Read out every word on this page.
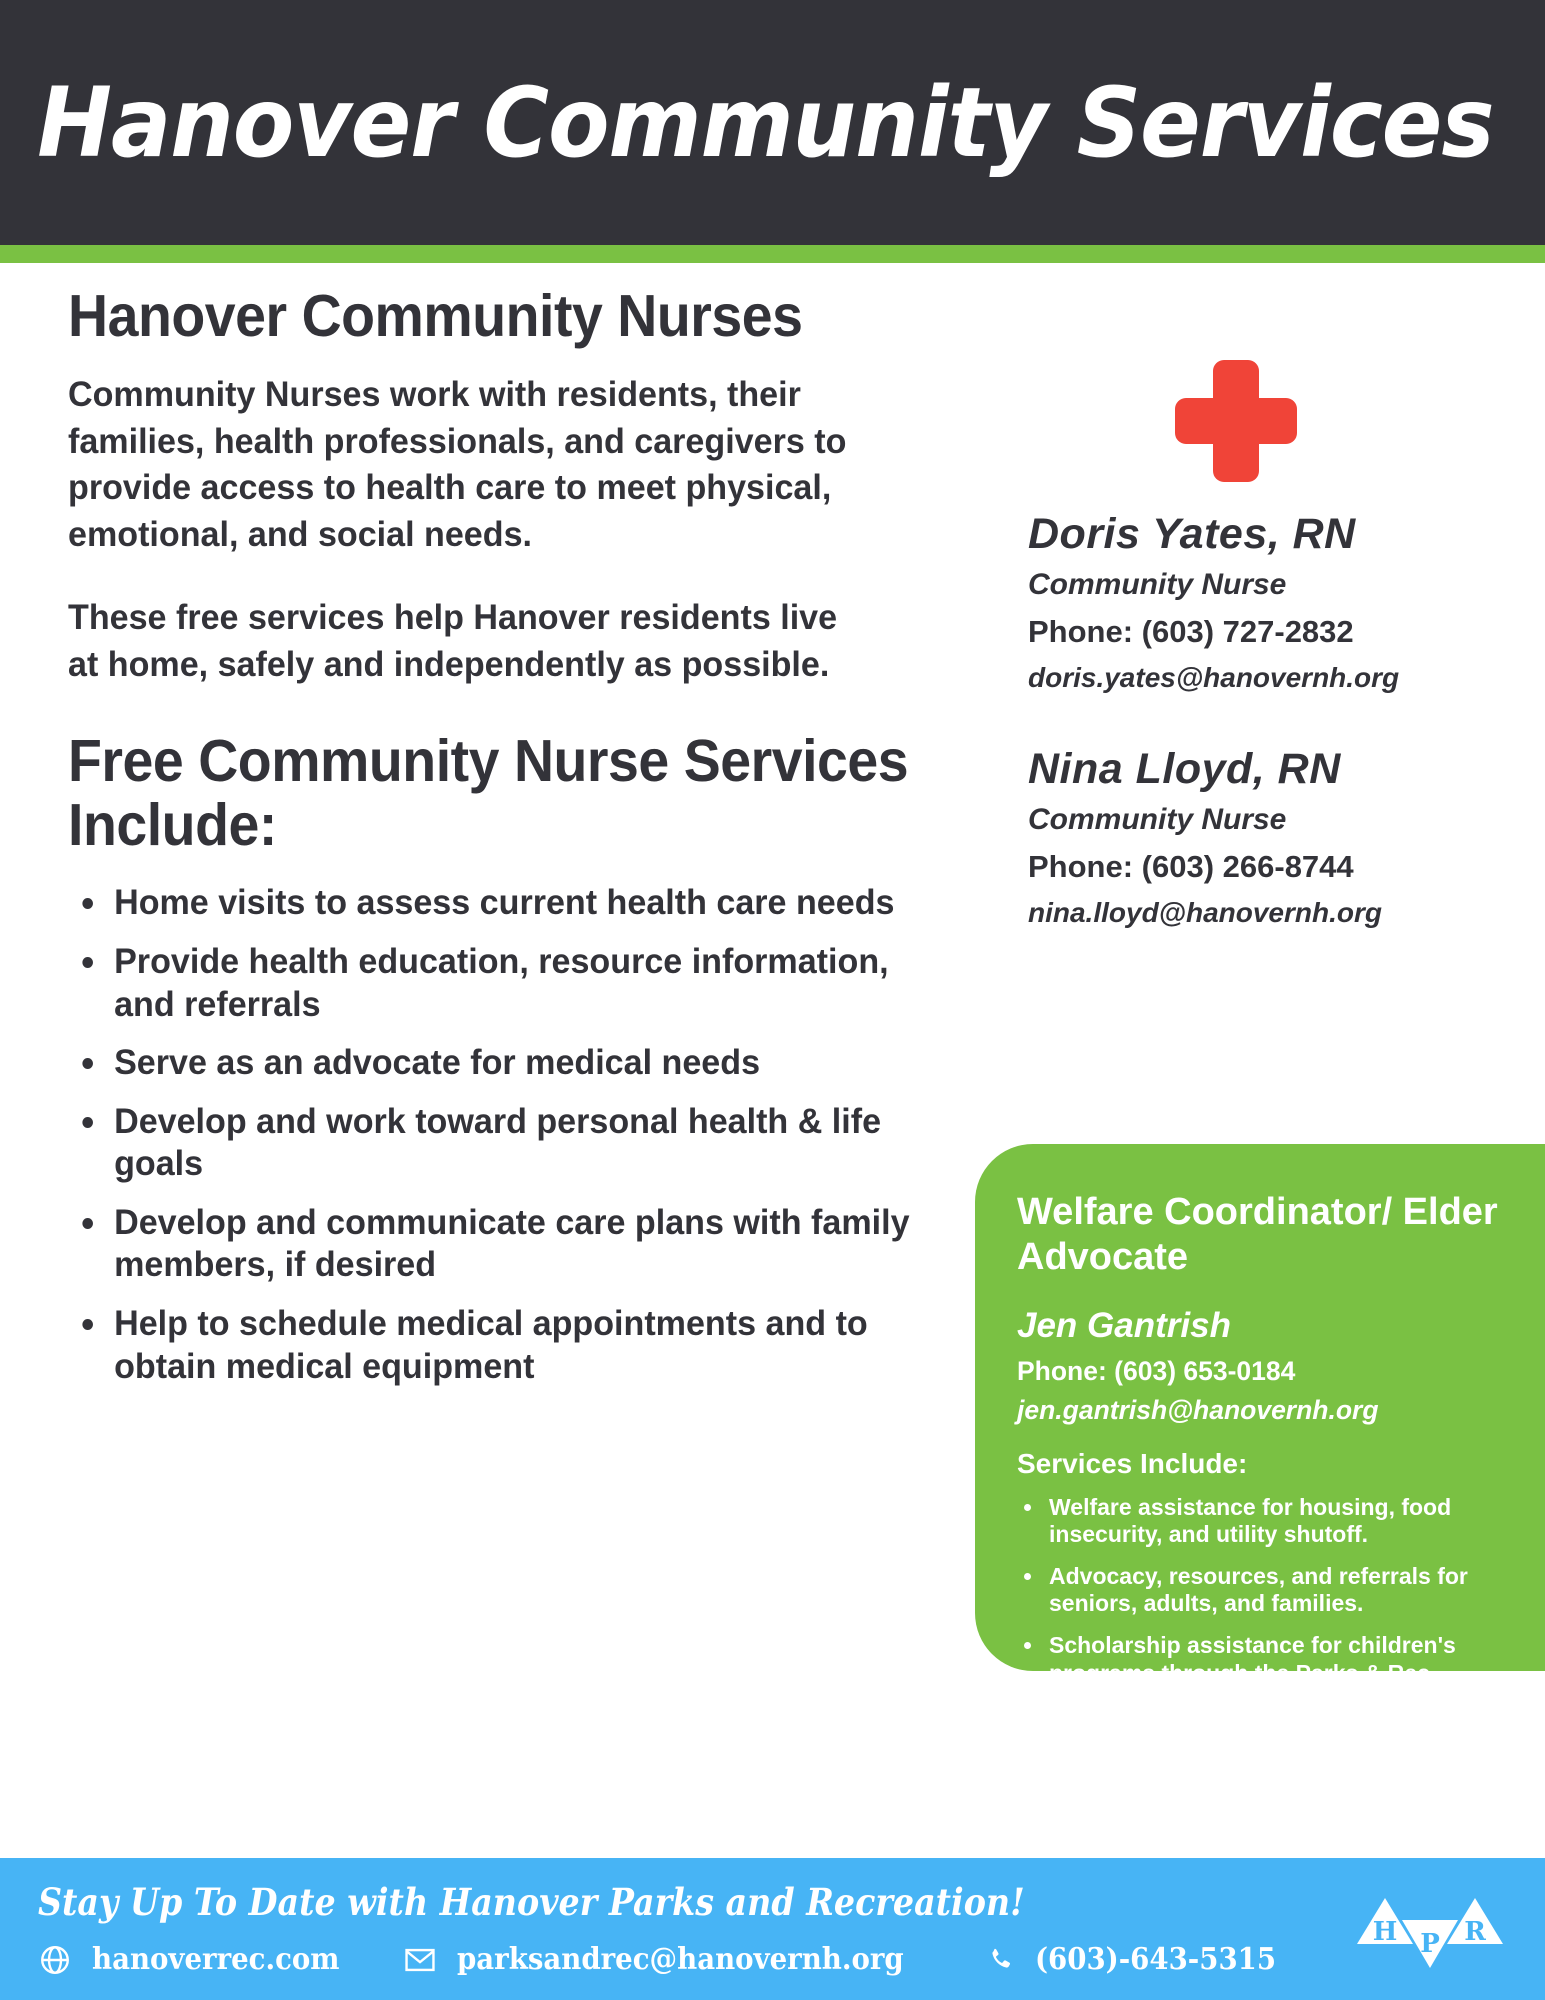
Hanover Community Services
Hanover Community Nurses

Community Nurses work with residents, their families, health professionals, and caregivers to provide access to health care to meet physical, emotional, and social needs.

These free services help Hanover residents live at home, safely and independently as possible.

Free Community Nurse Services Include:
Home visits to assess current health care needs
Provide health education, resource information, and referrals
Serve as an advocate for medical needs
Develop and work toward personal health & life goals
Develop and communicate care plans with family members, if desired
Help to schedule medical appointments and to obtain medical equipment

Doris Yates, RN

Community Nurse

Phone: (603) 727-2832

doris.yates@hanovernh.org

Nina Lloyd, RN

Community Nurse

Phone: (603) 266-8744

nina.lloyd@hanovernh.org

Welfare Coordinator/ Elder Advocate

Jen Gantrish

Phone: (603) 653-0184

jen.gantrish@hanovernh.org

Services Include:

Welfare assistance for housing, food insecurity, and utility shutoff.
Advocacy, resources, and referrals for seniors, adults, and families.
Scholarship assistance for children's programs through the Parks & Rec Department.
Stay Up To Date with Hanover Parks and Recreation!
hanoverrec.com	parksandrec@hanovernh.org	(603)-643-5315
H	R
P
